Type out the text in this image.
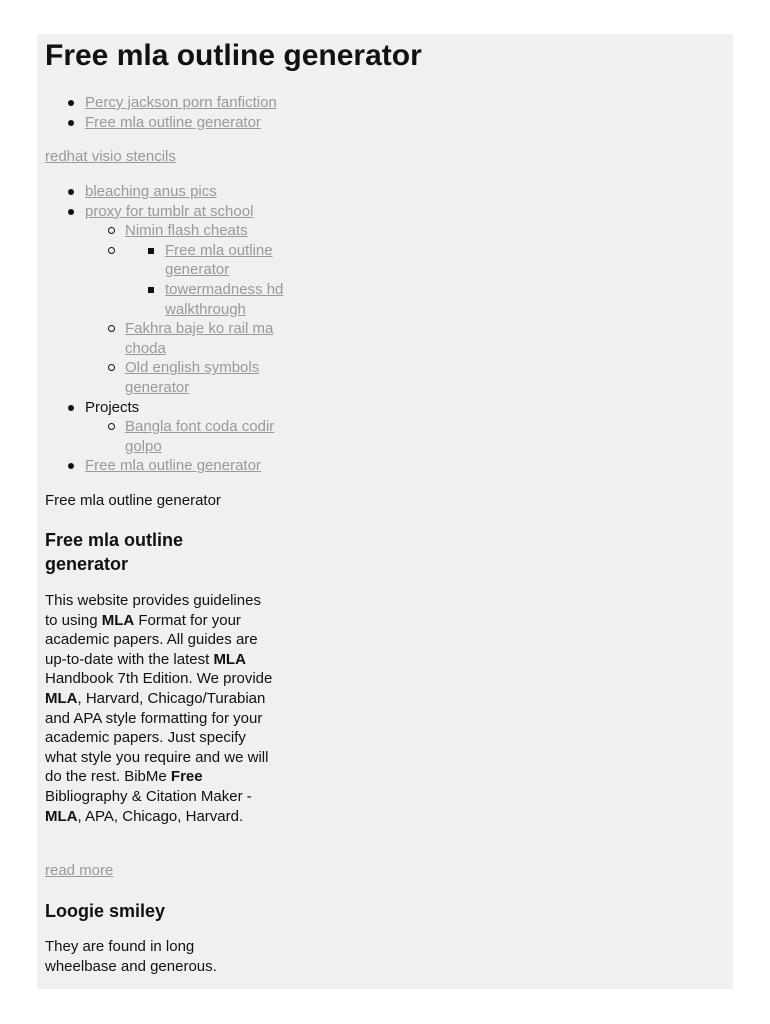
Free mla outline generator
Percy jackson porn fanfiction
Free mla outline generator
redhat visio stencils
bleaching anus pics
proxy for tumblr at school
Nimin flash cheats
Free mla outline generator
towermadness hd walkthrough
Fakhra baje ko rail ma choda
Old english symbols generator
Projects
Bangla font coda codir golpo
Free mla outline generator
Free mla outline generator
Free mla outline generator

This website provides guidelines to using MLA Format for your academic papers. All guides are up-to-date with the latest MLA Handbook 7th Edition. We provide MLA, Harvard, Chicago/Turabian and APA style formatting for your academic papers. Just specify what style you require and we will do the rest. BibMe Free Bibliography & Citation Maker - MLA, APA, Chicago, Harvard.

read more
Loogie smiley

They are found in long wheelbase and generous.
